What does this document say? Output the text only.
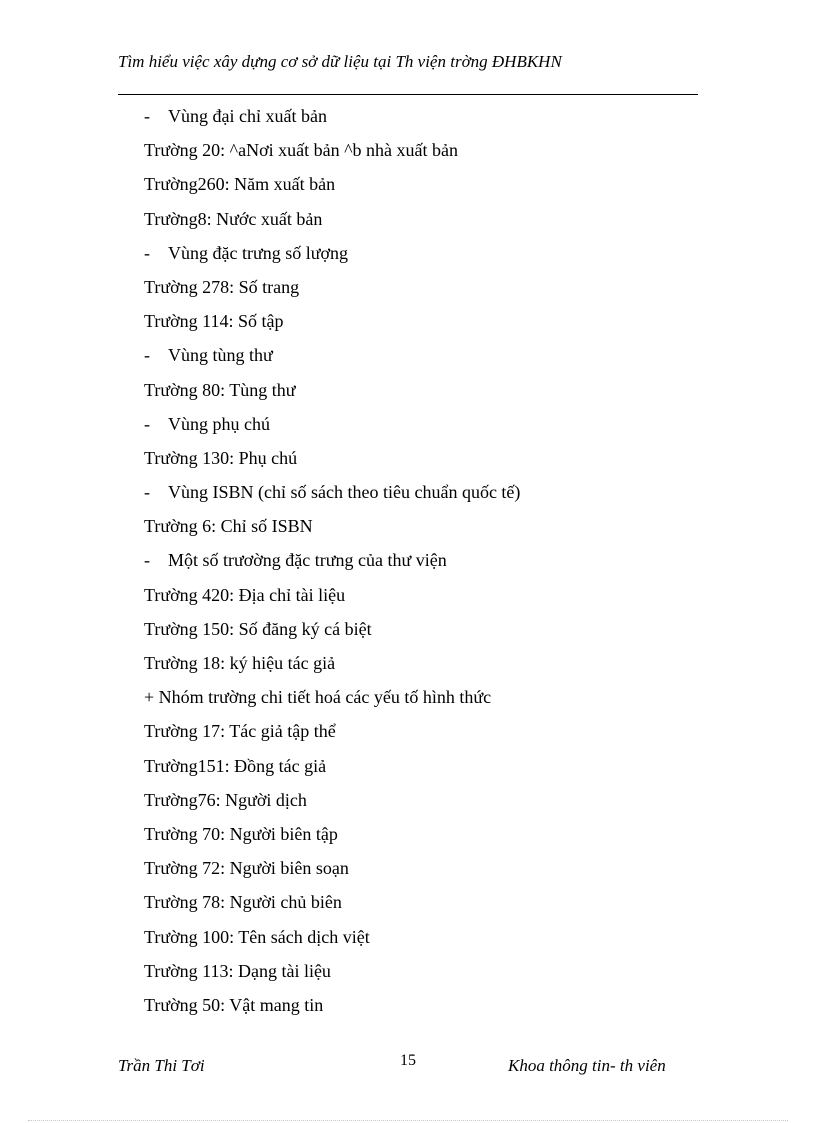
Tìm hiểu việc xây dựng cơ sở dữ liệu tại Th viện trờng ĐHBKHN
- Vùng đại chỉ xuất bản
Trường 20: ^aNơi xuất bản ^b nhà xuất bản
Trường260: Năm xuất bản
Trường8: Nước xuất bản
- Vùng đặc trưng số lượng
Trường 278: Số trang
Trường 114: Số tập
- Vùng tùng thư
Trường 80: Tùng thư
- Vùng phụ chú
Trường 130: Phụ chú
- Vùng ISBN (chỉ số sách theo tiêu chuẩn quốc tế)
Trường 6: Chỉ số ISBN
- Một số trươờng đặc trưng của thư viện
Trường 420: Địa chỉ tài liệu
Trường 150: Số đăng ký cá biệt
Trường 18: ký hiệu tác giả
+ Nhóm trường chi tiết hoá các yếu tố hình thức
Trường 17: Tác giả tập thể
Trường151: Đồng tác giả
Trường76: Người dịch
Trường 70: Người biên tập
Trường 72: Người biên soạn
Trường 78: Người chủ biên
Trường 100: Tên sách dịch việt
Trường 113: Dạng tài liệu
Trường 50: Vật mang tin
Trần Thi Tơi	15	Khoa thông tin- th viên
